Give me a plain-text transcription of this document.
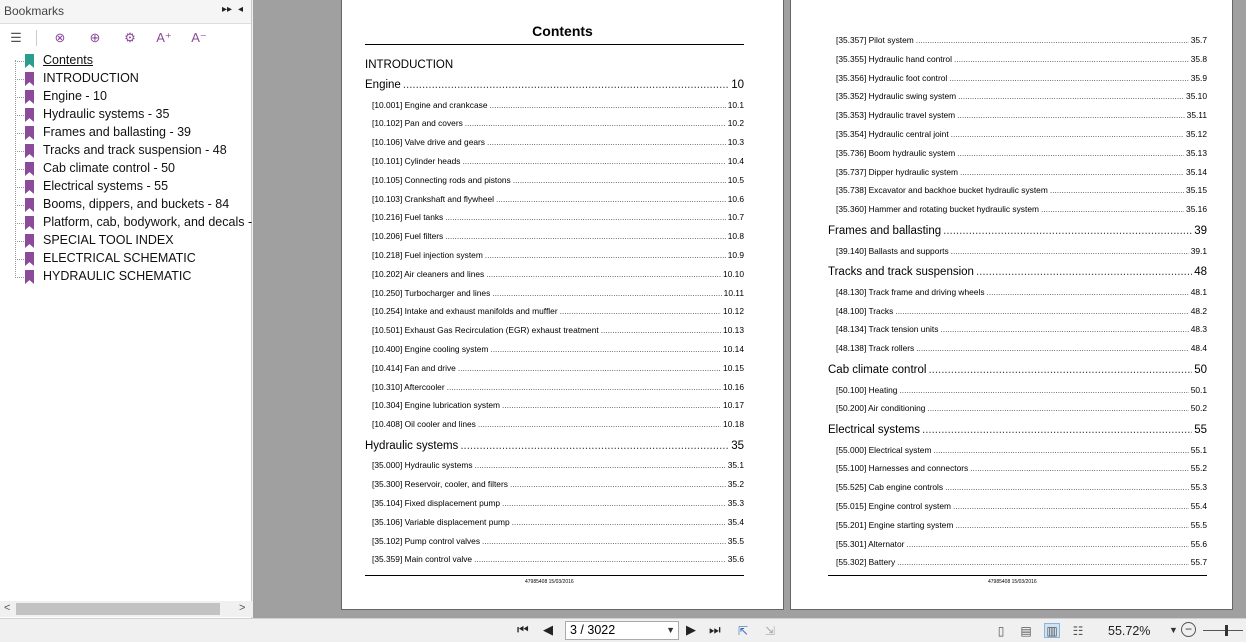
Bookmarks	▸▸ ◂
☰	⊗	⊕	⚙	A⁺ A⁻
Contents
INTRODUCTION
Engine - 10
Hydraulic systems - 35
Frames and ballasting - 39
Tracks and track suspension - 48
Cab climate control - 50
Electrical systems - 55
Booms, dippers, and buckets - 84
Platform, cab, bodywork, and decals -
SPECIAL TOOL INDEX
ELECTRICAL SCHEMATIC
HYDRAULIC SCHEMATIC
<	>
Contents
INTRODUCTION
47985408 15/03/2016
Engine .....	10
[10.001] Engine and crankcase .....	10.1
[10.102] Pan and covers .....	10.2
[10.106] Valve drive and gears .....	10.3
[10.101] Cylinder heads .....	10.4
[10.105] Connecting rods and pistons .....	10.5
[10.103] Crankshaft and flywheel .....	10.6
[10.216] Fuel tanks .....	10.7
[10.206] Fuel filters .....	10.8
[10.218] Fuel injection system .....	10.9
[10.202] Air cleaners and lines .....	10.10
[10.250] Turbocharger and lines .....	10.11
[10.254] Intake and exhaust manifolds and muffler .....	10.12
[10.501] Exhaust Gas Recirculation (EGR) exhaust treatment .....	10.13
[10.400] Engine cooling system .....	10.14
[10.414] Fan and drive .....	10.15
[10.310] Aftercooler .....	10.16
[10.304] Engine lubrication system .....	10.17
[10.408] Oil cooler and lines .....	10.18
Hydraulic systems .....	35
[35.000] Hydraulic systems .....	35.1
[35.300] Reservoir, cooler, and filters .....	35.2
[35.104] Fixed displacement pump .....	35.3
[35.106] Variable displacement pump .....	35.4
[35.102] Pump control valves .....	35.5
[35.359] Main control valve .....	35.6
47985408 15/03/2016
[35.357] Pilot system .....	35.7
[35.355] Hydraulic hand control .....	35.8
[35.356] Hydraulic foot control .....	35.9
[35.352] Hydraulic swing system .....	35.10
[35.353] Hydraulic travel system .....	35.11
[35.354] Hydraulic central joint .....	35.12
[35.736] Boom hydraulic system .....	35.13
[35.737] Dipper hydraulic system .....	35.14
[35.738] Excavator and backhoe bucket hydraulic system .....	35.15
[35.360] Hammer and rotating bucket hydraulic system .....	35.16
Frames and ballasting .....	39
[39.140] Ballasts and supports .....	39.1
Tracks and track suspension .....	48
[48.130] Track frame and driving wheels .....	48.1
[48.100] Tracks .....	48.2
[48.134] Track tension units .....	48.3
[48.138] Track rollers .....	48.4
Cab climate control .....	50
[50.100] Heating .....	50.1
[50.200] Air conditioning .....	50.2
Electrical systems .....	55
[55.000] Electrical system .....	55.1
[55.100] Harnesses and connectors .....	55.2
[55.525] Cab engine controls .....	55.3
[55.015] Engine control system .....	55.4
[55.201] Engine starting system .....	55.5
[55.301] Alternator .....	55.6
[55.302] Battery .....	55.7
⏮ ◀	3 / 3022	▼ ▶ ⏭ ⇱ ⇲	▯	▤ ▥ ☷ 55.72% ▼ −
